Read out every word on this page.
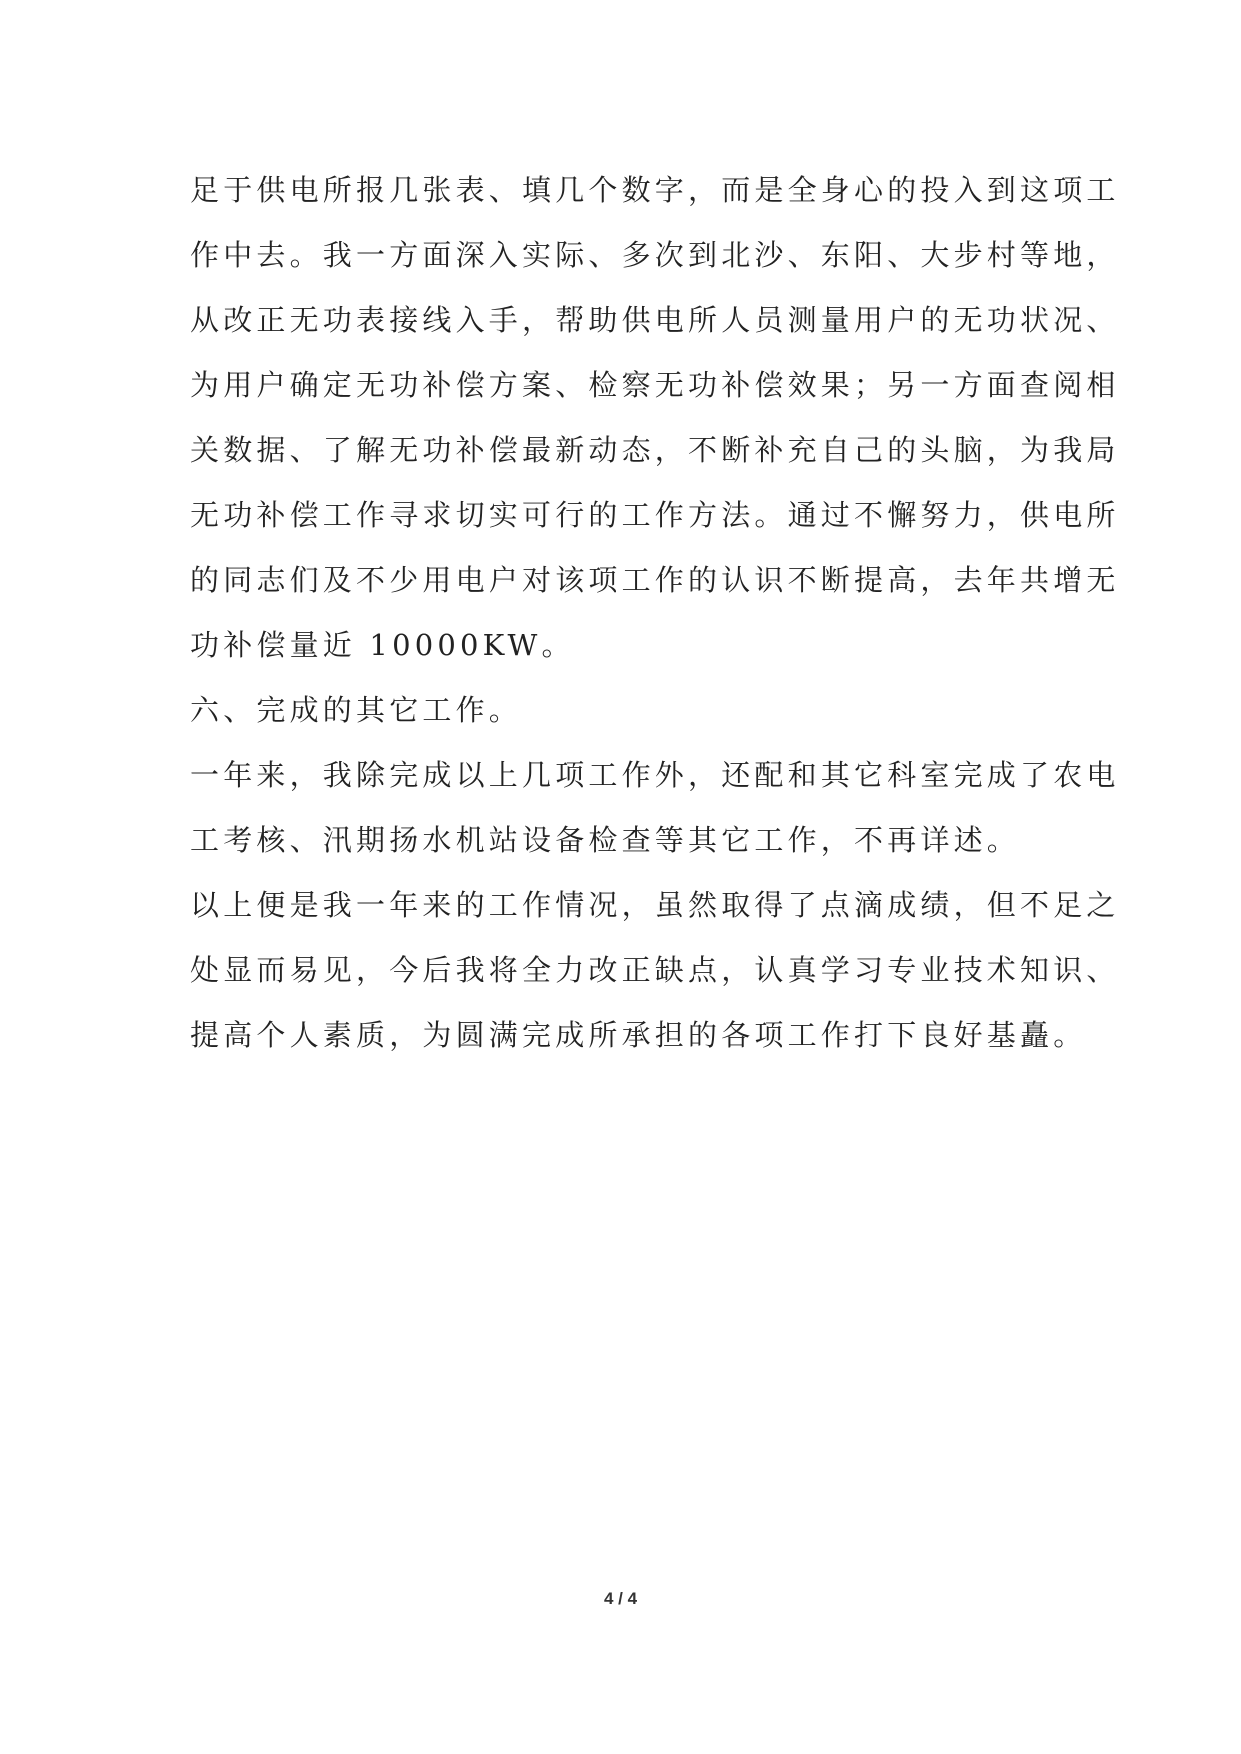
足于供电所报几张表、填几个数字，而是全身心的投入到这项工
作中去。我一方面深入实际、多次到北沙、东阳、大步村等地，
从改正无功表接线入手，帮助供电所人员测量用户的无功状况、
为用户确定无功补偿方案、检察无功补偿效果；另一方面查阅相
关数据、了解无功补偿最新动态，不断补充自己的头脑，为我局
无功补偿工作寻求切实可行的工作方法。通过不懈努力，供电所
的同志们及不少用电户对该项工作的认识不断提高，去年共增无
功补偿量近 10000KW。
六、完成的其它工作。
一年来，我除完成以上几项工作外，还配和其它科室完成了农电
工考核、汛期扬水机站设备检查等其它工作，不再详述。
以上便是我一年来的工作情况，虽然取得了点滴成绩，但不足之
处显而易见，今后我将全力改正缺点，认真学习专业技术知识、
提高个人素质，为圆满完成所承担的各项工作打下良好基矗。
4 / 4
